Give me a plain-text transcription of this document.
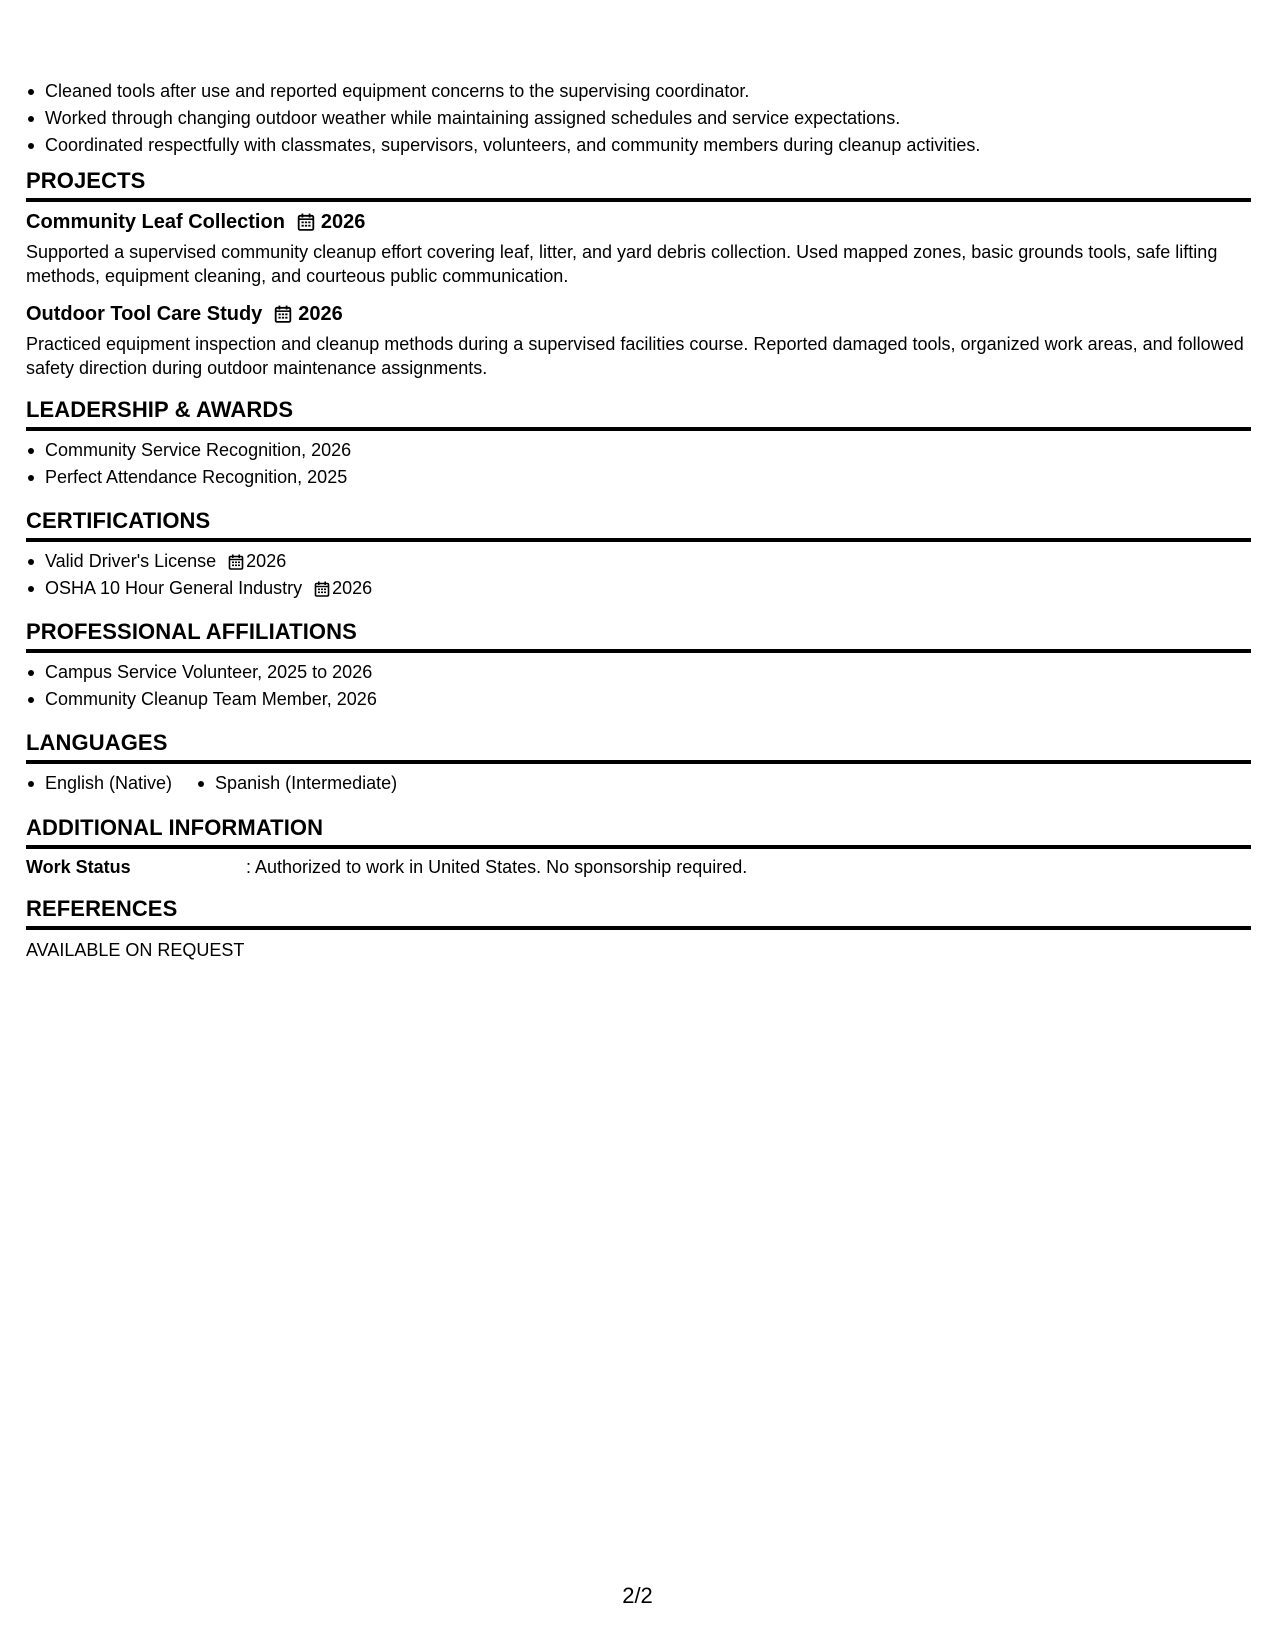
Cleaned tools after use and reported equipment concerns to the supervising coordinator.
Worked through changing outdoor weather while maintaining assigned schedules and service expectations.
Coordinated respectfully with classmates, supervisors, volunteers, and community members during cleanup activities.
PROJECTS
Community Leaf Collection 2026

Supported a supervised community cleanup effort covering leaf, litter, and yard debris collection. Used mapped zones, basic grounds tools, safe lifting methods, equipment cleaning, and courteous public communication.

Outdoor Tool Care Study 2026

Practiced equipment inspection and cleanup methods during a supervised facilities course. Reported damaged tools, organized work areas, and followed safety direction during outdoor maintenance assignments.

LEADERSHIP & AWARDS
Community Service Recognition, 2026
Perfect Attendance Recognition, 2025
CERTIFICATIONS
Valid Driver's License 2026
OSHA 10 Hour General Industry 2026
PROFESSIONAL AFFILIATIONS
Campus Service Volunteer, 2025 to 2026
Community Cleanup Team Member, 2026
LANGUAGES
English (Native)	Spanish (Intermediate)
ADDITIONAL INFORMATION
Work Status	: Authorized to work in United States. No sponsorship required.
REFERENCES
AVAILABLE ON REQUEST
2/2
